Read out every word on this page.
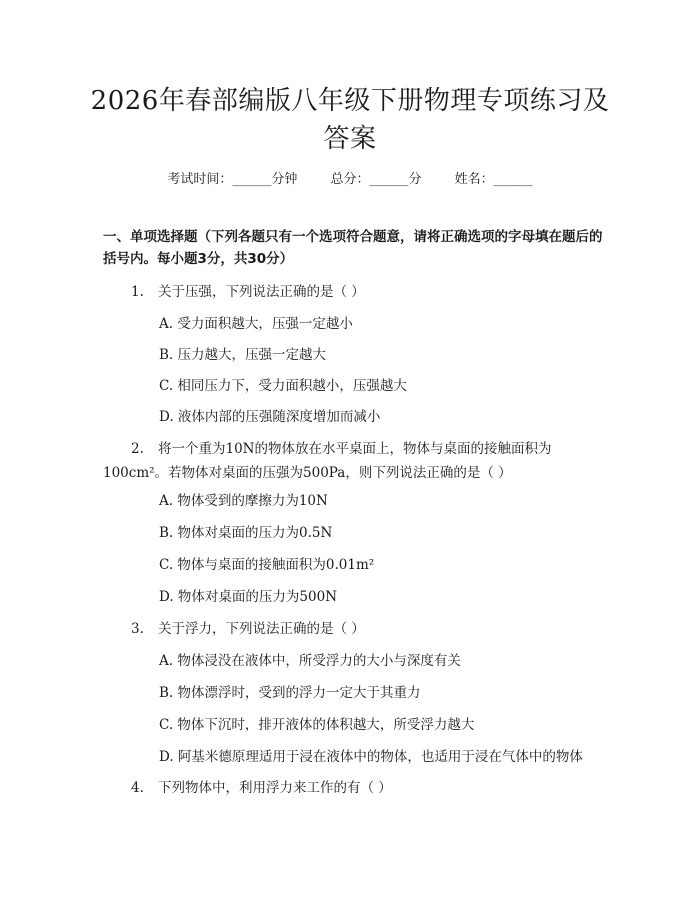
2026年春部编版八年级下册物理专项练习及答案
考试时间：______分钟	总分：______分	姓名：______
一、单项选择题（下列各题只有一个选项符合题意，请将正确选项的字母填在题后的括号内。每小题3分，共30分）
1. 关于压强，下列说法正确的是（ ）
A. 受力面积越大，压强一定越小
B. 压力越大，压强一定越大
C. 相同压力下，受力面积越小，压强越大
D. 液体内部的压强随深度增加而减小
2. 将一个重为10N的物体放在水平桌面上，物体与桌面的接触面积为100cm²。若物体对桌面的压强为500Pa，则下列说法正确的是（ ）
A. 物体受到的摩擦力为10N
B. 物体对桌面的压力为0.5N
C. 物体与桌面的接触面积为0.01m²
D. 物体对桌面的压力为500N
3. 关于浮力，下列说法正确的是（ ）
A. 物体浸没在液体中，所受浮力的大小与深度有关
B. 物体漂浮时，受到的浮力一定大于其重力
C. 物体下沉时，排开液体的体积越大，所受浮力越大
D. 阿基米德原理适用于浸在液体中的物体，也适用于浸在气体中的物体
4. 下列物体中，利用浮力来工作的有（ ）
